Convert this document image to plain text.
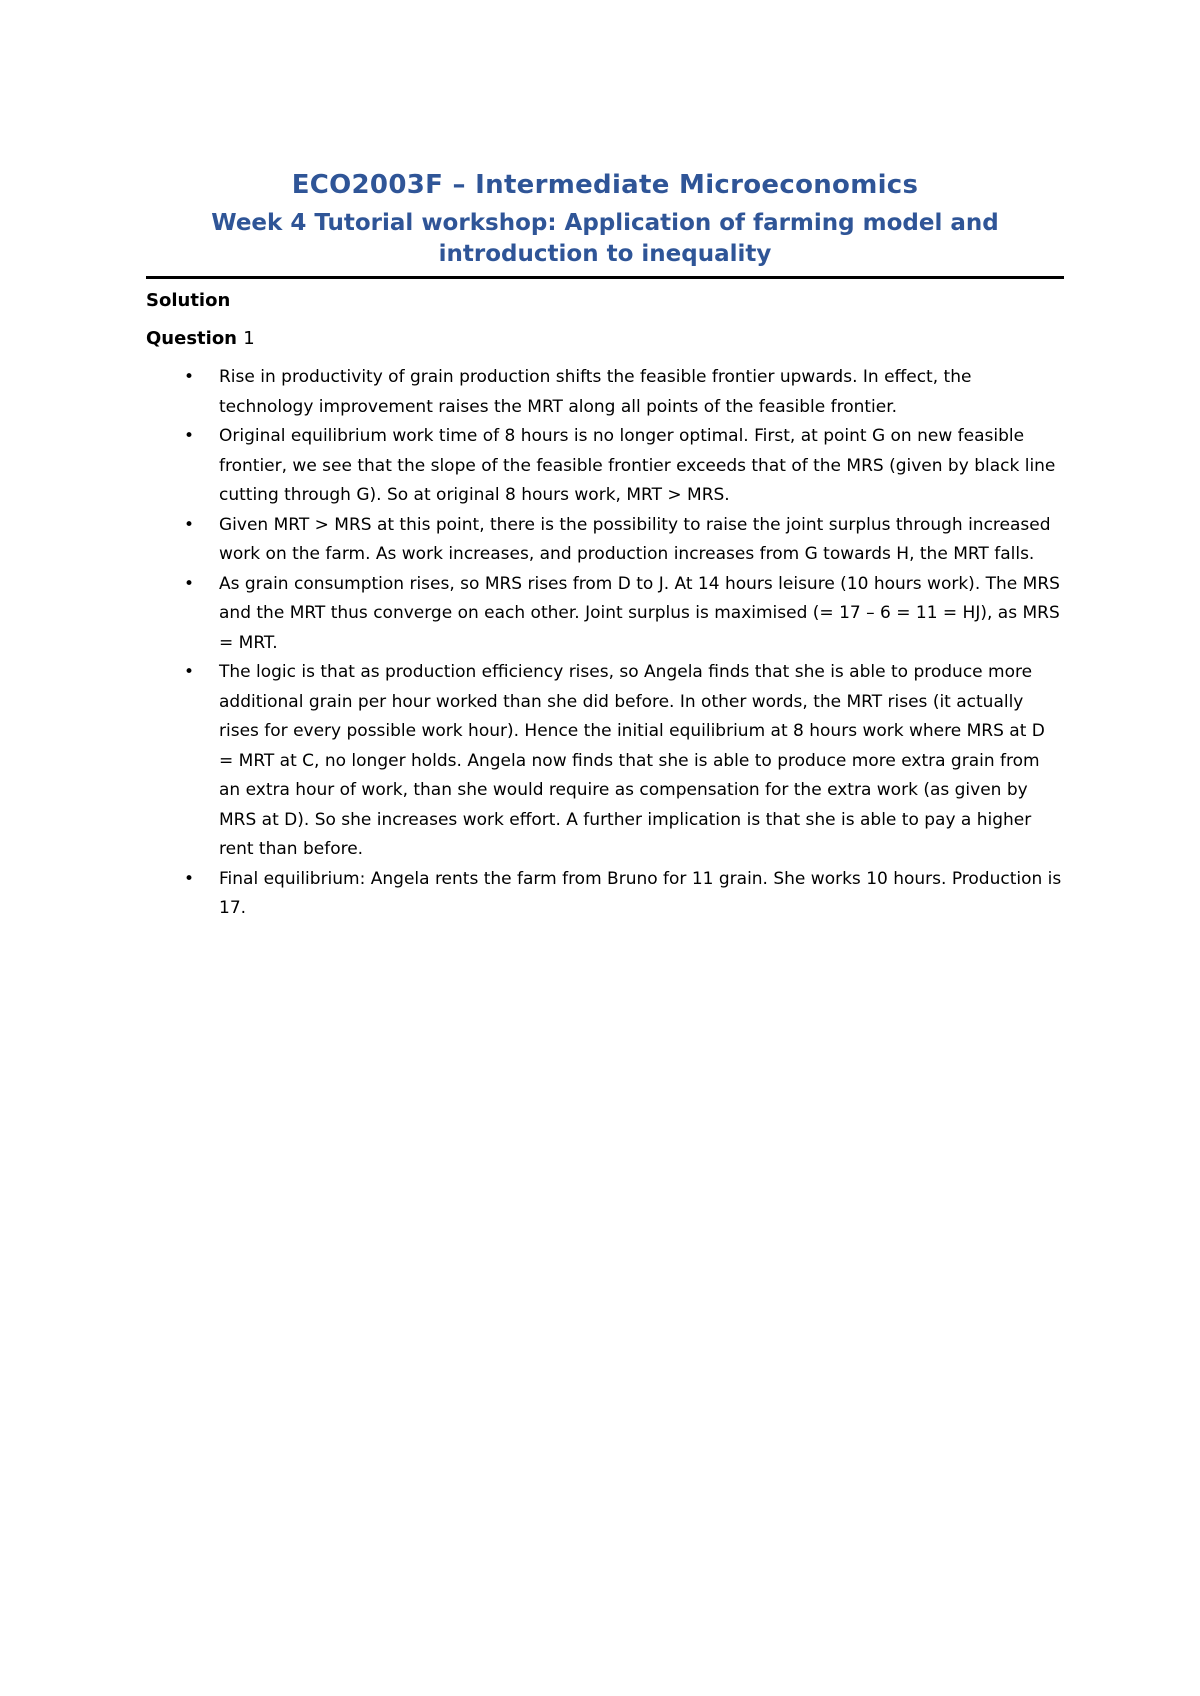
ECO2003F – Intermediate Microeconomics
Week 4 Tutorial workshop: Application of farming model and introduction to inequality
Solution
Question 1
• Rise in productivity of grain production shifts the feasible frontier upwards. In effect, the technology improvement raises the MRT along all points of the feasible frontier.
• Original equilibrium work time of 8 hours is no longer optimal. First, at point G on new feasible frontier, we see that the slope of the feasible frontier exceeds that of the MRS (given by black line cutting through G). So at original 8 hours work, MRT > MRS.
• Given MRT > MRS at this point, there is the possibility to raise the joint surplus through increased work on the farm. As work increases, and production increases from G towards H, the MRT falls.
• As grain consumption rises, so MRS rises from D to J. At 14 hours leisure (10 hours work). The MRS and the MRT thus converge on each other. Joint surplus is maximised (= 17 – 6 = 11 = HJ), as MRS = MRT.
• The logic is that as production efficiency rises, so Angela finds that she is able to produce more additional grain per hour worked than she did before. In other words, the MRT rises (it actually rises for every possible work hour). Hence the initial equilibrium at 8 hours work where MRS at D = MRT at C, no longer holds. Angela now finds that she is able to produce more extra grain from an extra hour of work, than she would require as compensation for the extra work (as given by MRS at D). So she increases work effort. A further implication is that she is able to pay a higher rent than before.
• Final equilibrium: Angela rents the farm from Bruno for 11 grain. She works 10 hours. Production is 17.
